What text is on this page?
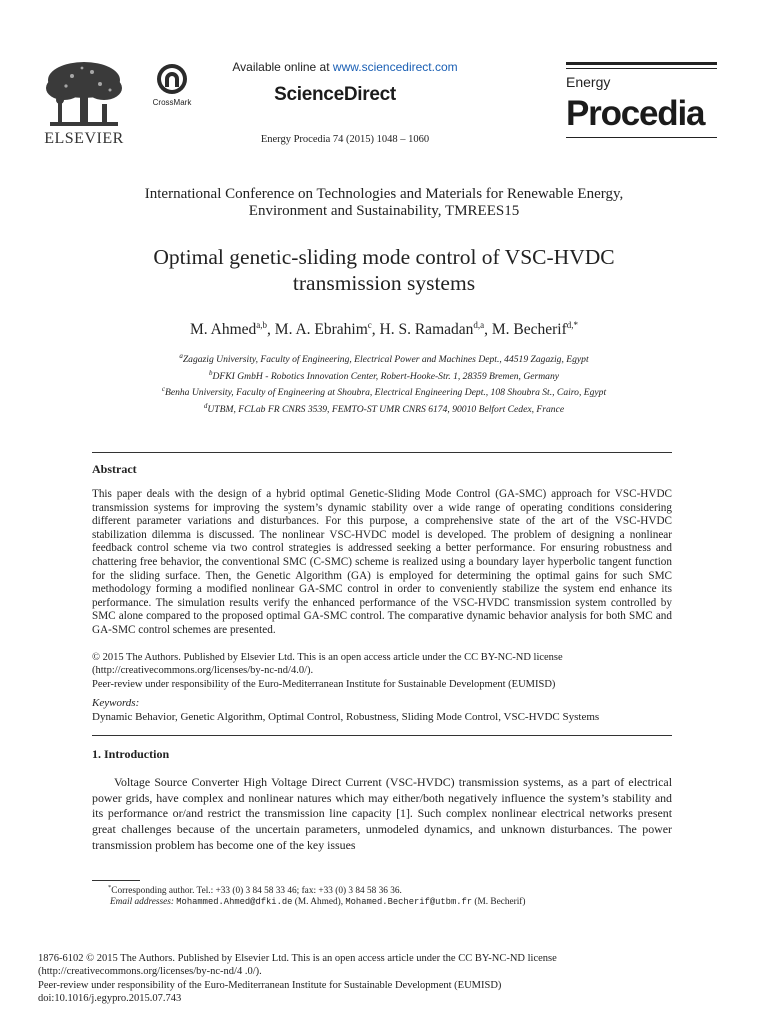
ELSEVIER
CrossMark
Available online at www.sciencedirect.com
ScienceDirect
Energy Procedia 74 (2015) 1048 – 1060
Energy
Procedia
International Conference on Technologies and Materials for Renewable Energy,
Environment and Sustainability, TMREES15
Optimal genetic-sliding mode control of VSC-HVDC
transmission systems
M. Ahmed$^{a,b}$, M. A. Ebrahim$^c$, H. S. Ramadan$^{d,a}$, M. Becherif$^{d,*}$
$^a$Zagazig University, Faculty of Engineering, Electrical Power and Machines Dept., 44519 Zagazig, Egypt
$^b$DFKI GmbH - Robotics Innovation Center, Robert-Hooke-Str. 1, 28359 Bremen, Germany
$^c$Benha University, Faculty of Engineering at Shoubra, Electrical Engineering Dept., 108 Shoubra St., Cairo, Egypt
$^d$UTBM, FCLab FR CNRS 3539, FEMTO-ST UMR CNRS 6174, 90010 Belfort Cedex, France
Abstract
This paper deals with the design of a hybrid optimal Genetic-Sliding Mode Control (GA-SMC) approach for VSC-HVDC transmission systems for improving the system’s dynamic stability over a wide range of operating conditions considering different parameter variations and disturbances. For this purpose, a comprehensive state of the art of the VSC-HVDC stabilization dilemma is discussed. The nonlinear VSC-HVDC model is developed. The problem of designing a nonlinear feedback control scheme via two control strategies is addressed seeking a better performance. For ensuring robustness and chattering free behavior, the conventional SMC (C-SMC) scheme is realized using a boundary layer hyperbolic tangent function for the sliding surface. Then, the Genetic Algorithm (GA) is employed for determining the optimal gains for such SMC methodology forming a modified nonlinear GA-SMC control in order to conveniently stabilize the system end enhance its performance. The simulation results verify the enhanced performance of the VSC-HVDC transmission system controlled by SMC alone compared to the proposed optimal GA-SMC control. The comparative dynamic behavior analysis for both SMC and GA-SMC control schemes are presented.
© 2015 The Authors. Published by Elsevier Ltd. This is an open access article under the CC BY-NC-ND license
(http://creativecommons.org/licenses/by-nc-nd/4.0/).
Peer-review under responsibility of the Euro-Mediterranean Institute for Sustainable Development (EUMISD)
Keywords:
Dynamic Behavior, Genetic Algorithm, Optimal Control, Robustness, Sliding Mode Control, VSC-HVDC Systems
1. Introduction
Voltage Source Converter High Voltage Direct Current (VSC-HVDC) transmission systems, as a part of electrical power grids, have complex and nonlinear natures which may either/both negatively influence the system’s stability and its performance or/and restrict the transmission line capacity [1]. Such complex nonlinear electrical networks present great challenges because of the uncertain parameters, unmodeled dynamics, and unknown disturbances. The power transmission problem has become one of the key issues
*Corresponding author. Tel.: +33 (0) 3 84 58 33 46; fax: +33 (0) 3 84 58 36 36.
Email addresses: Mohammed.Ahmed@dfki.de (M. Ahmed), Mohamed.Becherif@utbm.fr (M. Becherif)
1876-6102 © 2015 The Authors. Published by Elsevier Ltd. This is an open access article under the CC BY-NC-ND license
(http://creativecommons.org/licenses/by-nc-nd/4 .0/).
Peer-review under responsibility of the Euro-Mediterranean Institute for Sustainable Development (EUMISD)
doi:10.1016/j.egypro.2015.07.743
